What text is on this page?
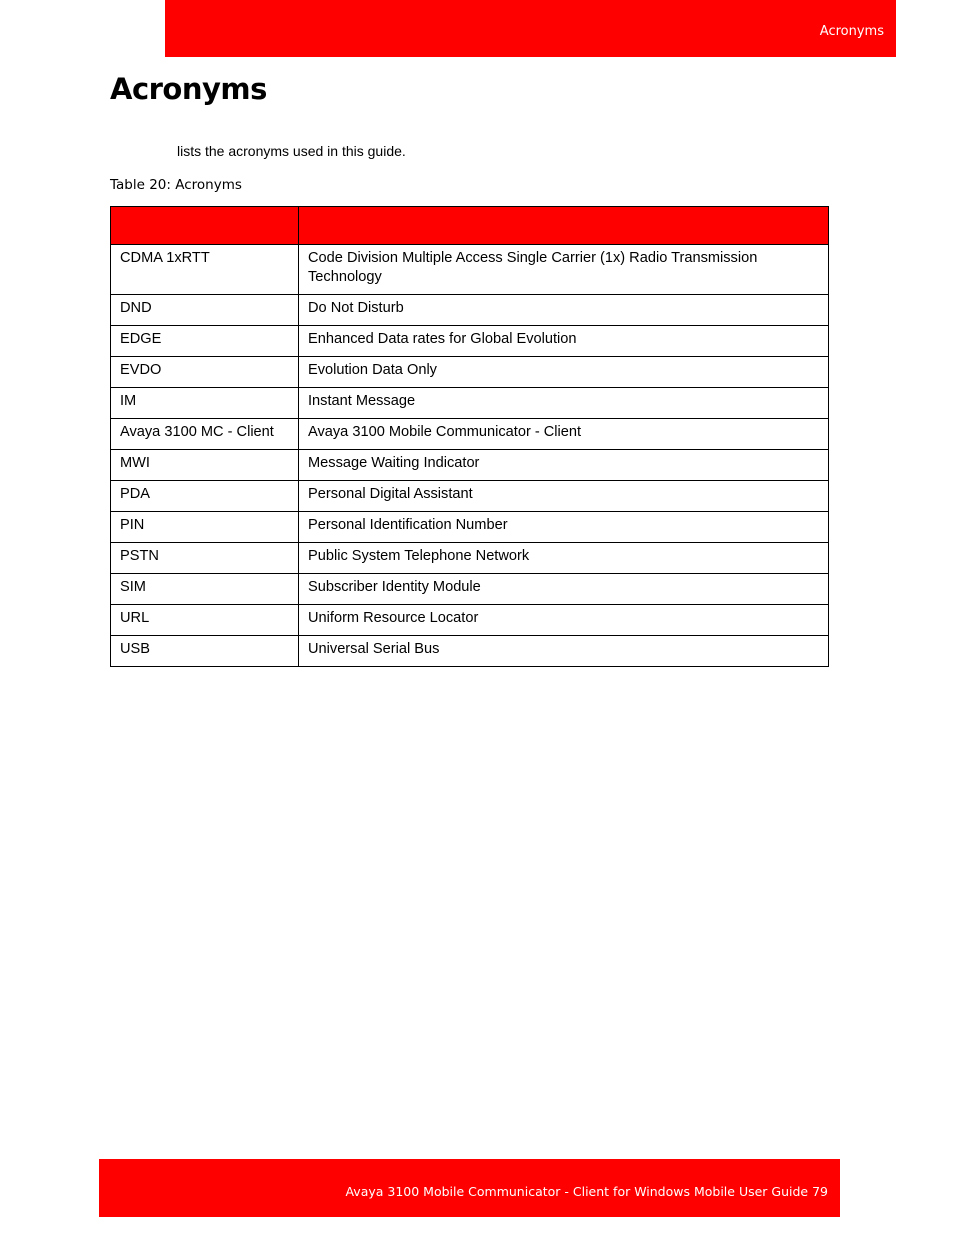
Acronyms
Acronyms
lists the acronyms used in this guide.
Table 20: Acronyms

CDMA 1xRTT	Code Division Multiple Access Single Carrier (1x) Radio Transmission Technology
DND	Do Not Disturb
EDGE	Enhanced Data rates for Global Evolution
EVDO	Evolution Data Only
IM	Instant Message
Avaya 3100 MC - Client	Avaya 3100 Mobile Communicator - Client
MWI	Message Waiting Indicator
PDA	Personal Digital Assistant
PIN	Personal Identification Number
PSTN	Public System Telephone Network
SIM	Subscriber Identity Module
URL	Uniform Resource Locator
USB	Universal Serial Bus
Avaya 3100 Mobile Communicator - Client for Windows Mobile User Guide 79
